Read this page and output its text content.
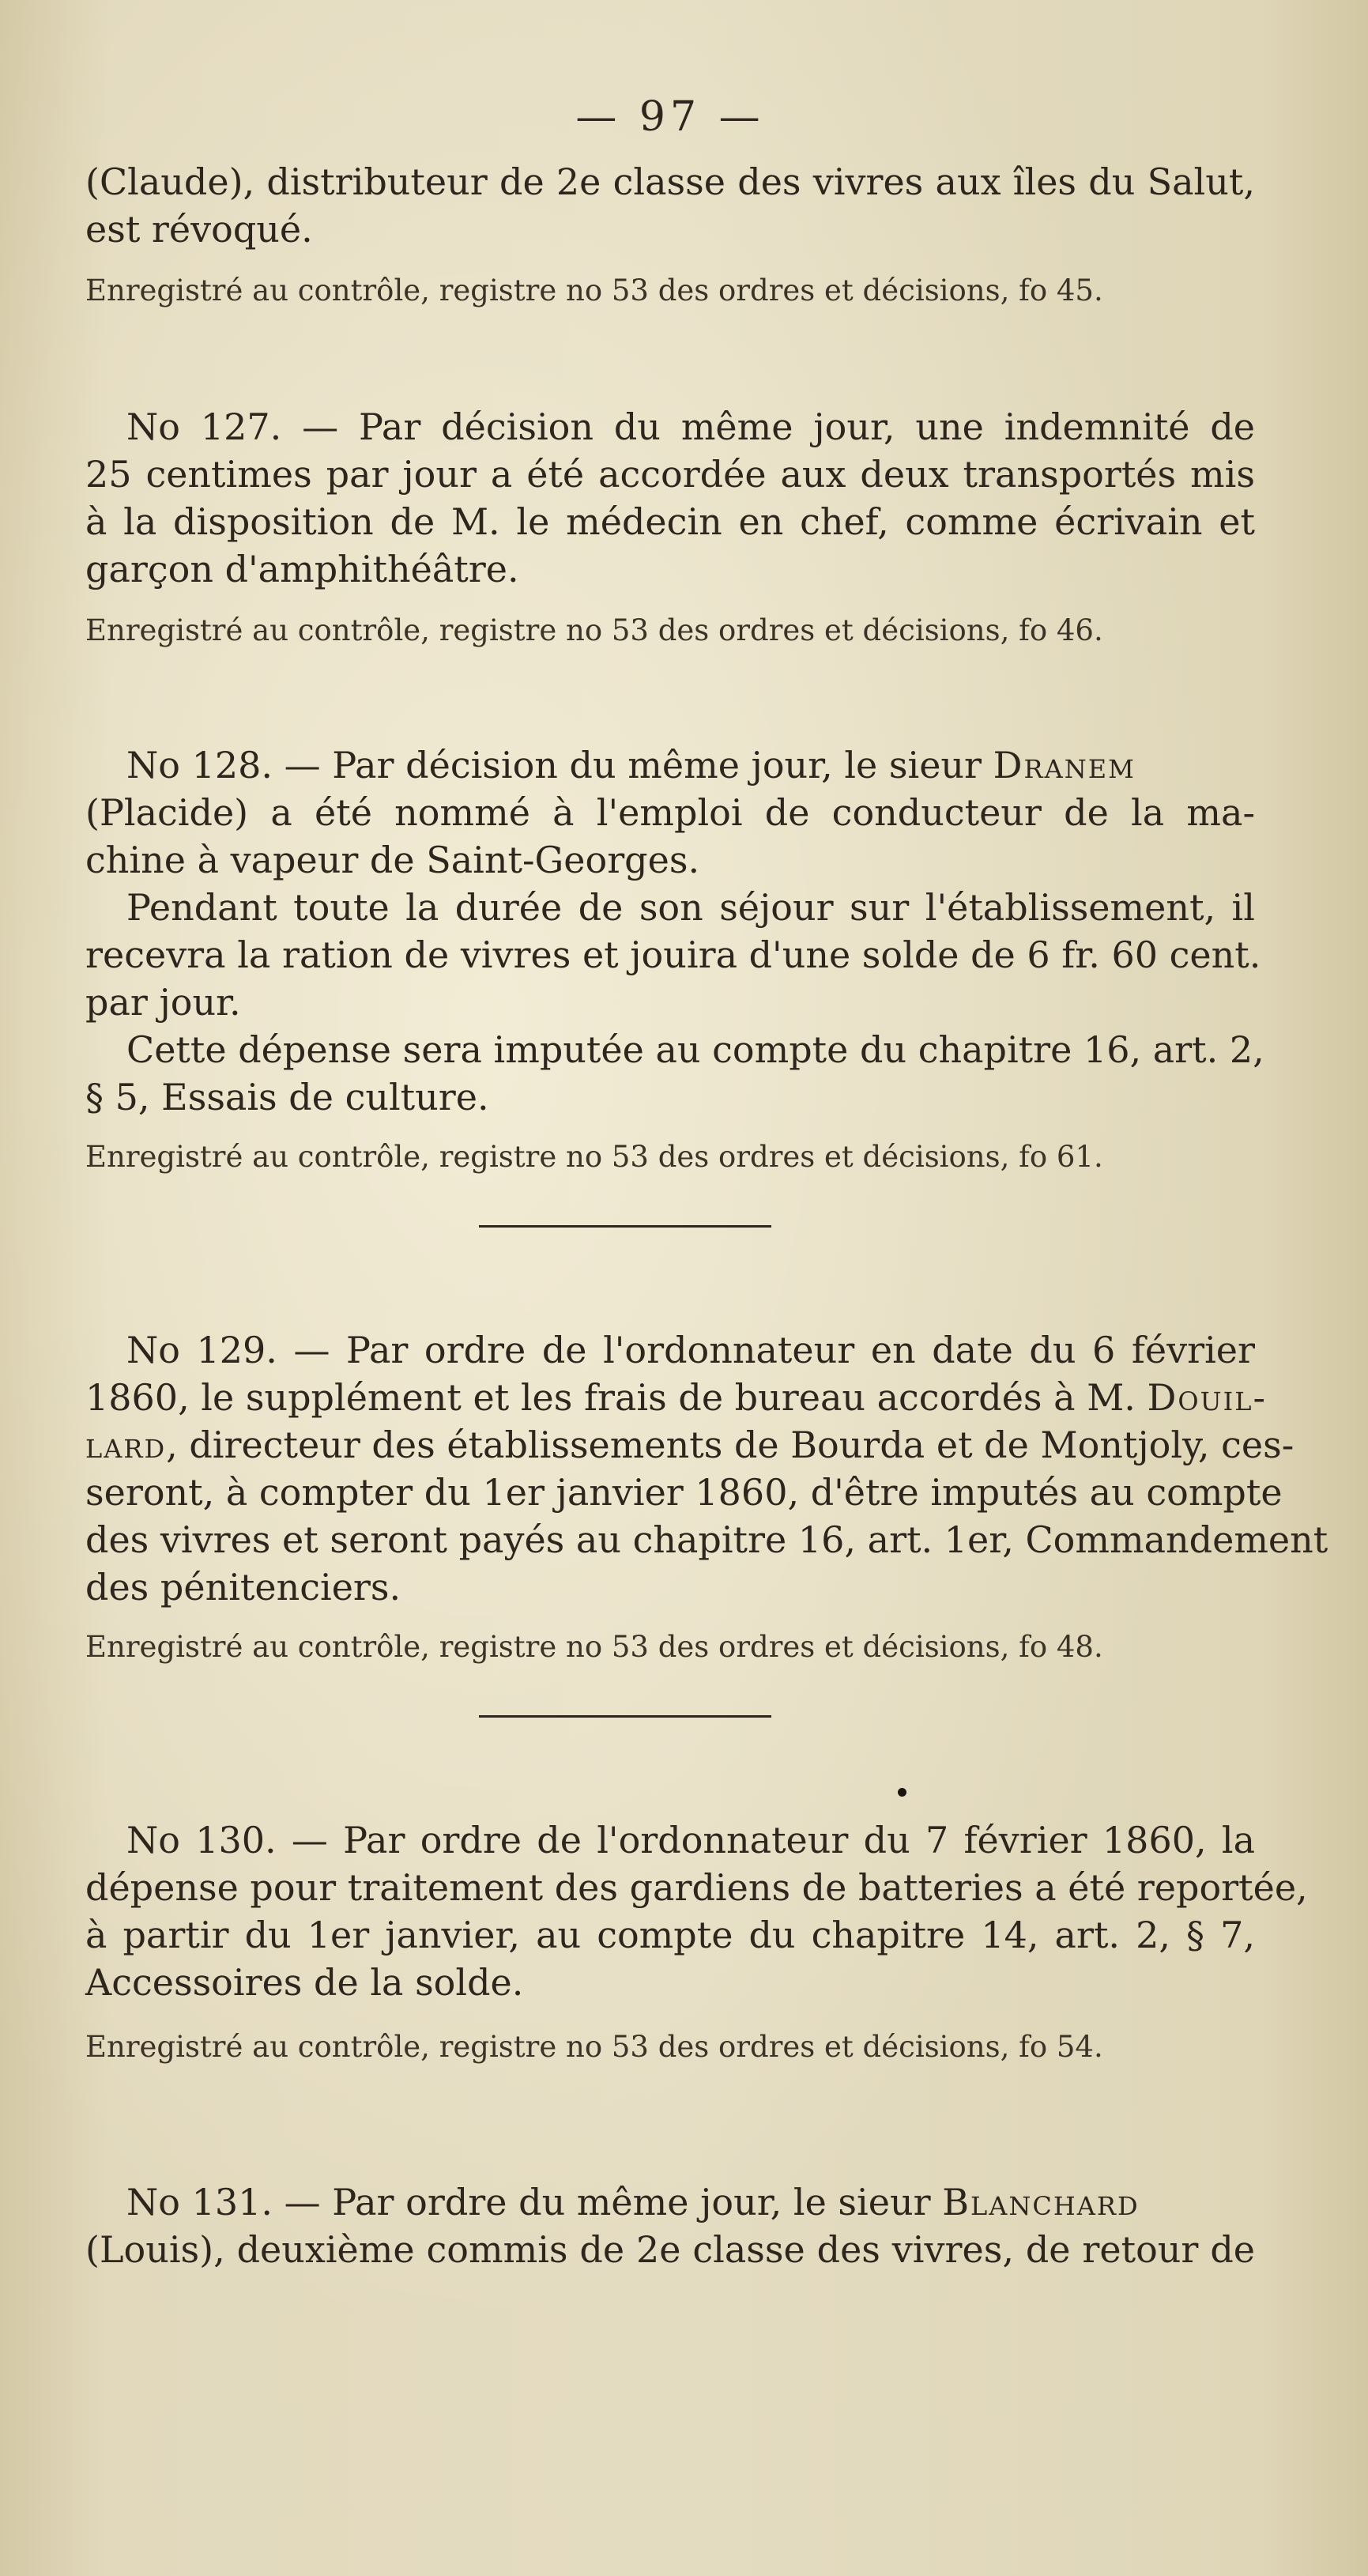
— 97 —
(Claude), distributeur de 2e classe des vivres aux îles du Salut,
est révoqué.
Enregistré au contrôle, registre no 53 des ordres et décisions, fo 45.
No 127. — Par décision du même jour, une indemnité de
25 centimes par jour a été accordée aux deux transportés mis
à la disposition de M. le médecin en chef, comme écrivain et
garçon d'amphithéâtre.
Enregistré au contrôle, registre no 53 des ordres et décisions, fo 46.
No 128. — Par décision du même jour, le sieur Dranem
(Placide) a été nommé à l'emploi de conducteur de la ma-
chine à vapeur de Saint-Georges.
Pendant toute la durée de son séjour sur l'établissement, il
recevra la ration de vivres et jouira d'une solde de 6 fr. 60 cent.
par jour.
Cette dépense sera imputée au compte du chapitre 16, art. 2,
§ 5, Essais de culture.
Enregistré au contrôle, registre no 53 des ordres et décisions, fo 61.
No 129. — Par ordre de l'ordonnateur en date du 6 février
1860, le supplément et les frais de bureau accordés à M. Douil-
lard, directeur des établissements de Bourda et de Montjoly, ces-
seront, à compter du 1er janvier 1860, d'être imputés au compte
des vivres et seront payés au chapitre 16, art. 1er, Commandement
des pénitenciers.
Enregistré au contrôle, registre no 53 des ordres et décisions, fo 48.
No 130. — Par ordre de l'ordonnateur du 7 février 1860, la
dépense pour traitement des gardiens de batteries a été reportée,
à partir du 1er janvier, au compte du chapitre 14, art. 2, § 7,
Accessoires de la solde.
Enregistré au contrôle, registre no 53 des ordres et décisions, fo 54.
No 131. — Par ordre du même jour, le sieur Blanchard
(Louis), deuxième commis de 2e classe des vivres, de retour de
